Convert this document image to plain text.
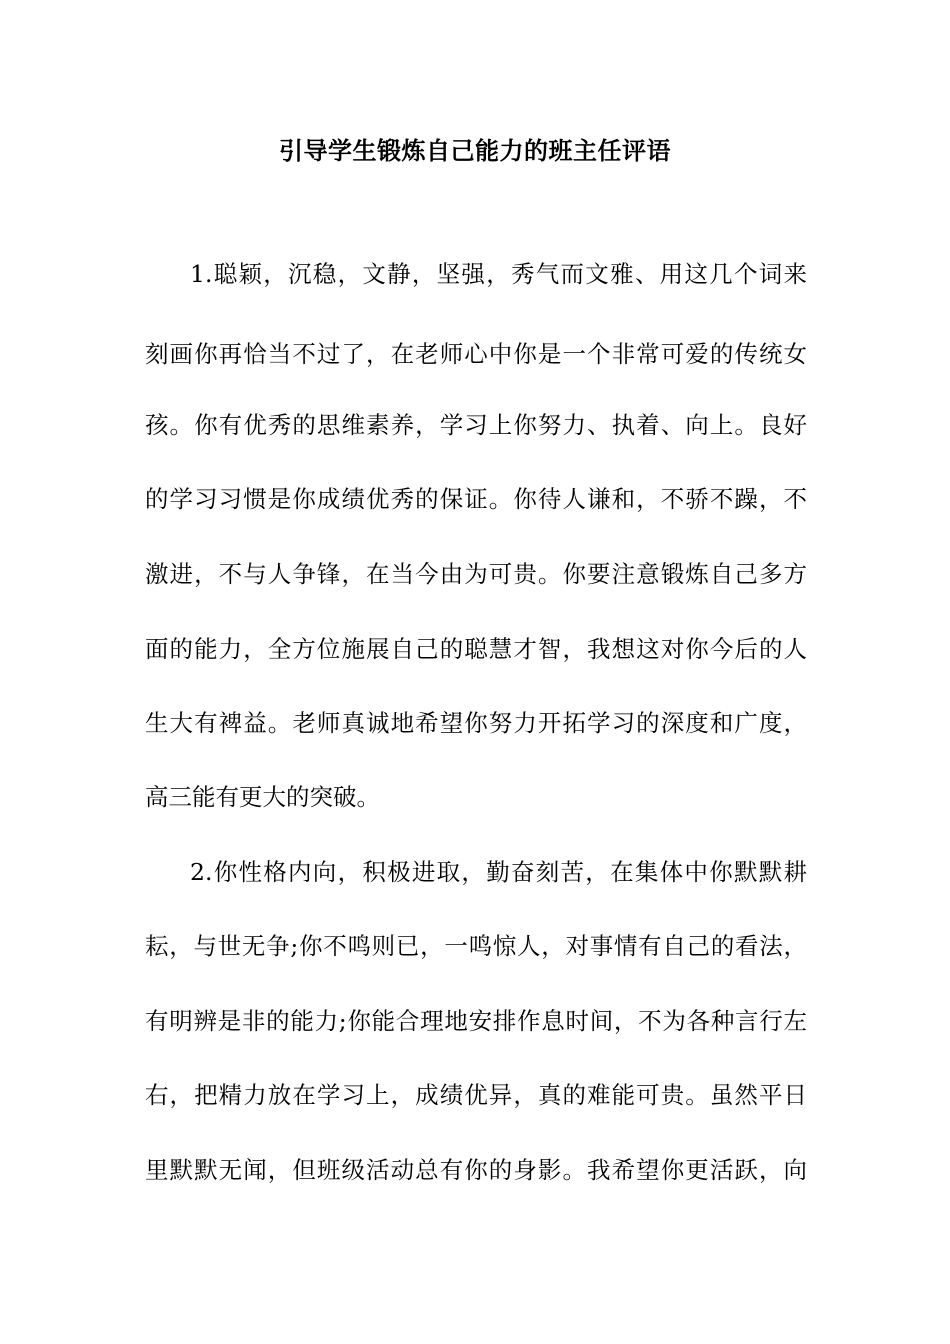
引导学生锻炼自己能力的班主任评语
1.聪颖，沉稳，文静，坚强，秀气而文雅、用这几个词来
刻画你再恰当不过了，在老师心中你是一个非常可爱的传统女
孩。你有优秀的思维素养，学习上你努力、执着、向上。良好
的学习习惯是你成绩优秀的保证。你待人谦和，不骄不躁，不
激进，不与人争锋，在当今由为可贵。你要注意锻炼自己多方
面的能力，全方位施展自己的聪慧才智，我想这对你今后的人
生大有裨益。老师真诚地希望你努力开拓学习的深度和广度，
高三能有更大的突破。
2.你性格内向，积极进取，勤奋刻苦，在集体中你默默耕
耘，与世无争;你不鸣则已，一鸣惊人，对事情有自己的看法，
有明辨是非的能力;你能合理地安排作息时间，不为各种言行左
右，把精力放在学习上，成绩优异，真的难能可贵。虽然平日
里默默无闻，但班级活动总有你的身影。我希望你更活跃，向
